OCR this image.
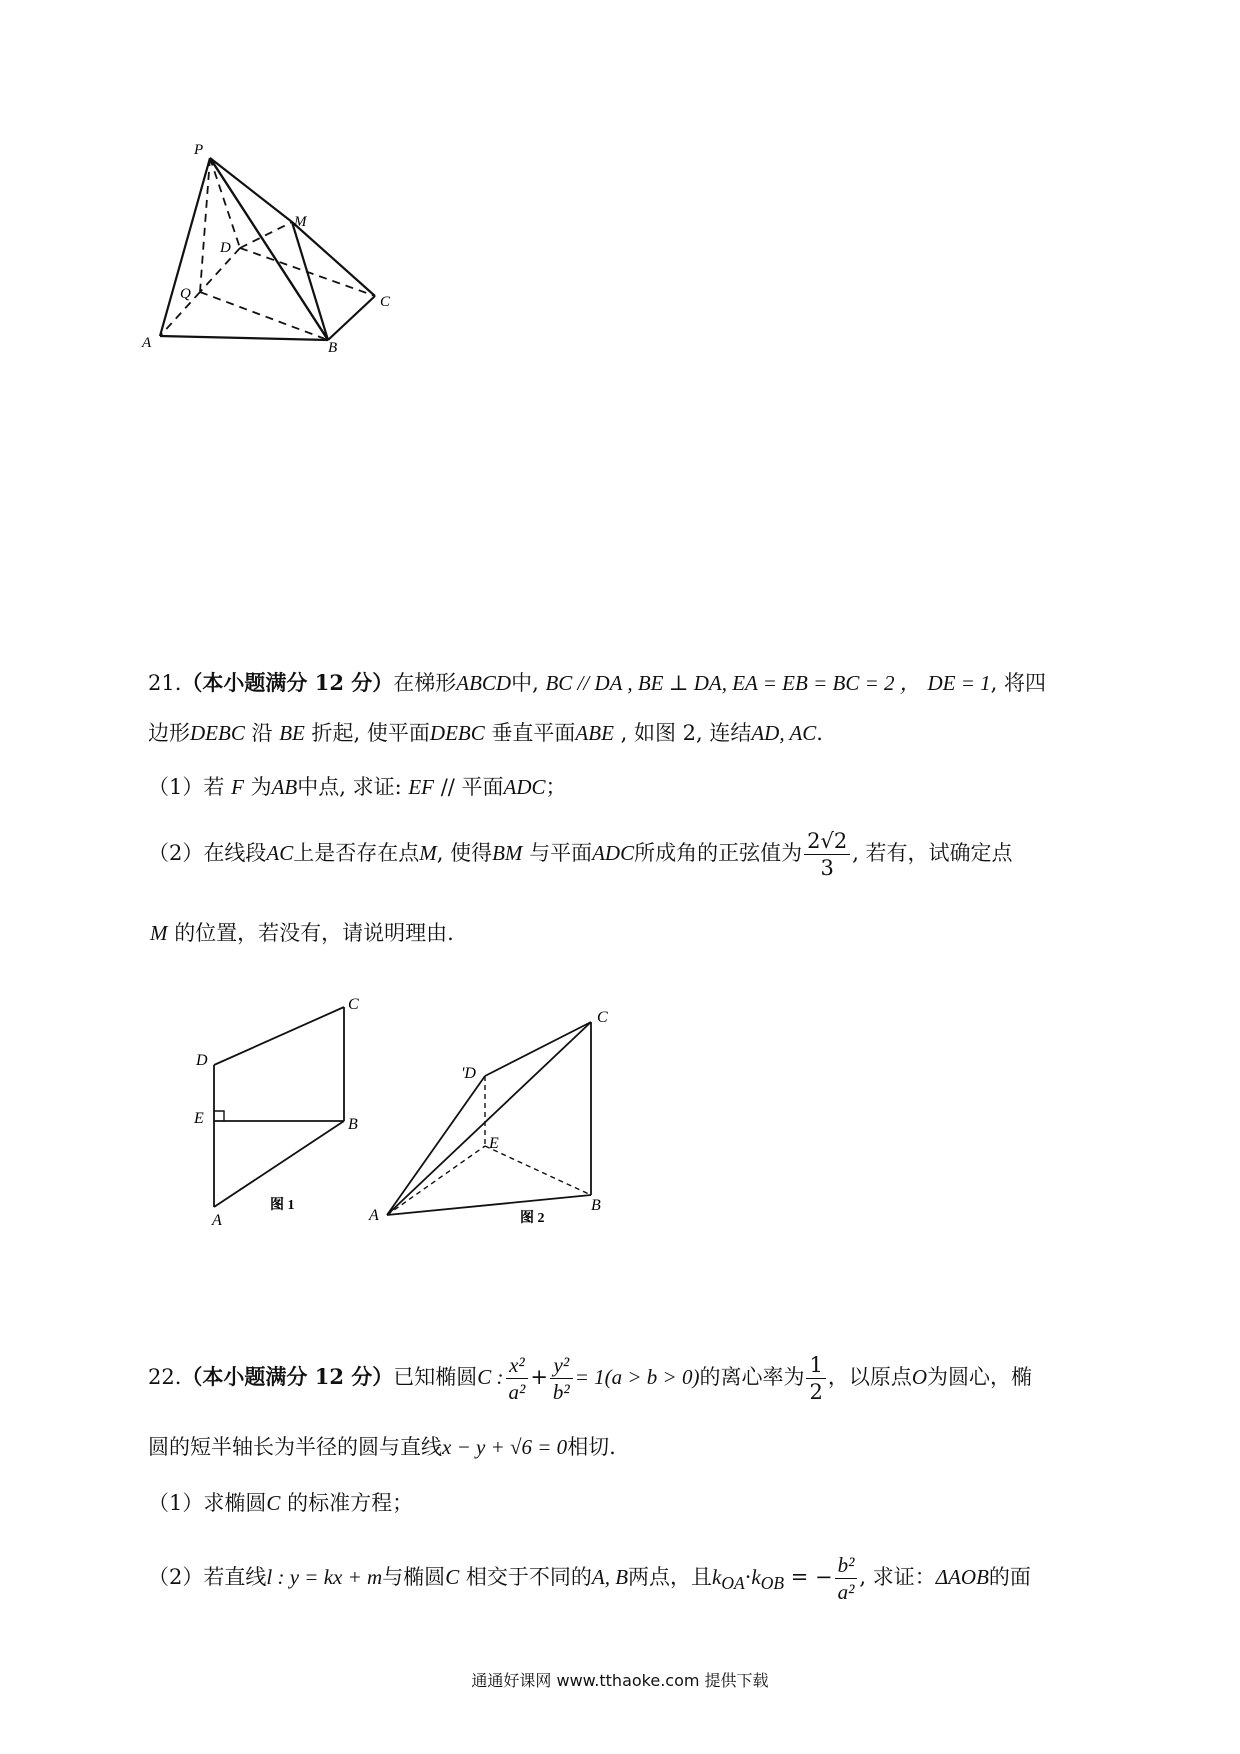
P
M
D
Q	C
A	B
21.（本小题满分 12 分）在梯形ABCD中, BC // DA , BE ⊥ DA, EA = EB = BC = 2 ， DE = 1, 将四
边形DEBC 沿 BE 折起, 使平面DEBC 垂直平面ABE , 如图 2, 连结AD, AC.
（1）若 F 为AB中点, 求证: EF // 平面ADC；
（2）在线段AC上是否存在点M, 使得BM 与平面ADC所成角的正弦值为 $\frac{2√2}{3}$ , 若有，试确定点
M 的位置，若没有，请说明理由.
C
D
E	B
A
图 1
C
'D
E
B
A	图 2
22.（本小题满分 12 分）已知椭圆C : $\frac{\text{x²}}{\text{a²}} + \frac{\text{y²}}{\text{b²}} = 1(a > b > 0)$的离心率为 $\frac{1}{2}$ ，以原点O为圆心，椭
圆的短半轴长为半径的圆与直线x − y + √6 = 0相切.
（1）求椭圆C 的标准方程；
（2）若直线l : y = kx + m与椭圆C 相交于不同的A, B两点，且$k_{OA}\cdot k_{OB}$ = − $\frac{\text{b²}}{\text{a²}}$ , 求证：ΔAOB的面
通通好课网 www.tthaoke.com 提供下载
